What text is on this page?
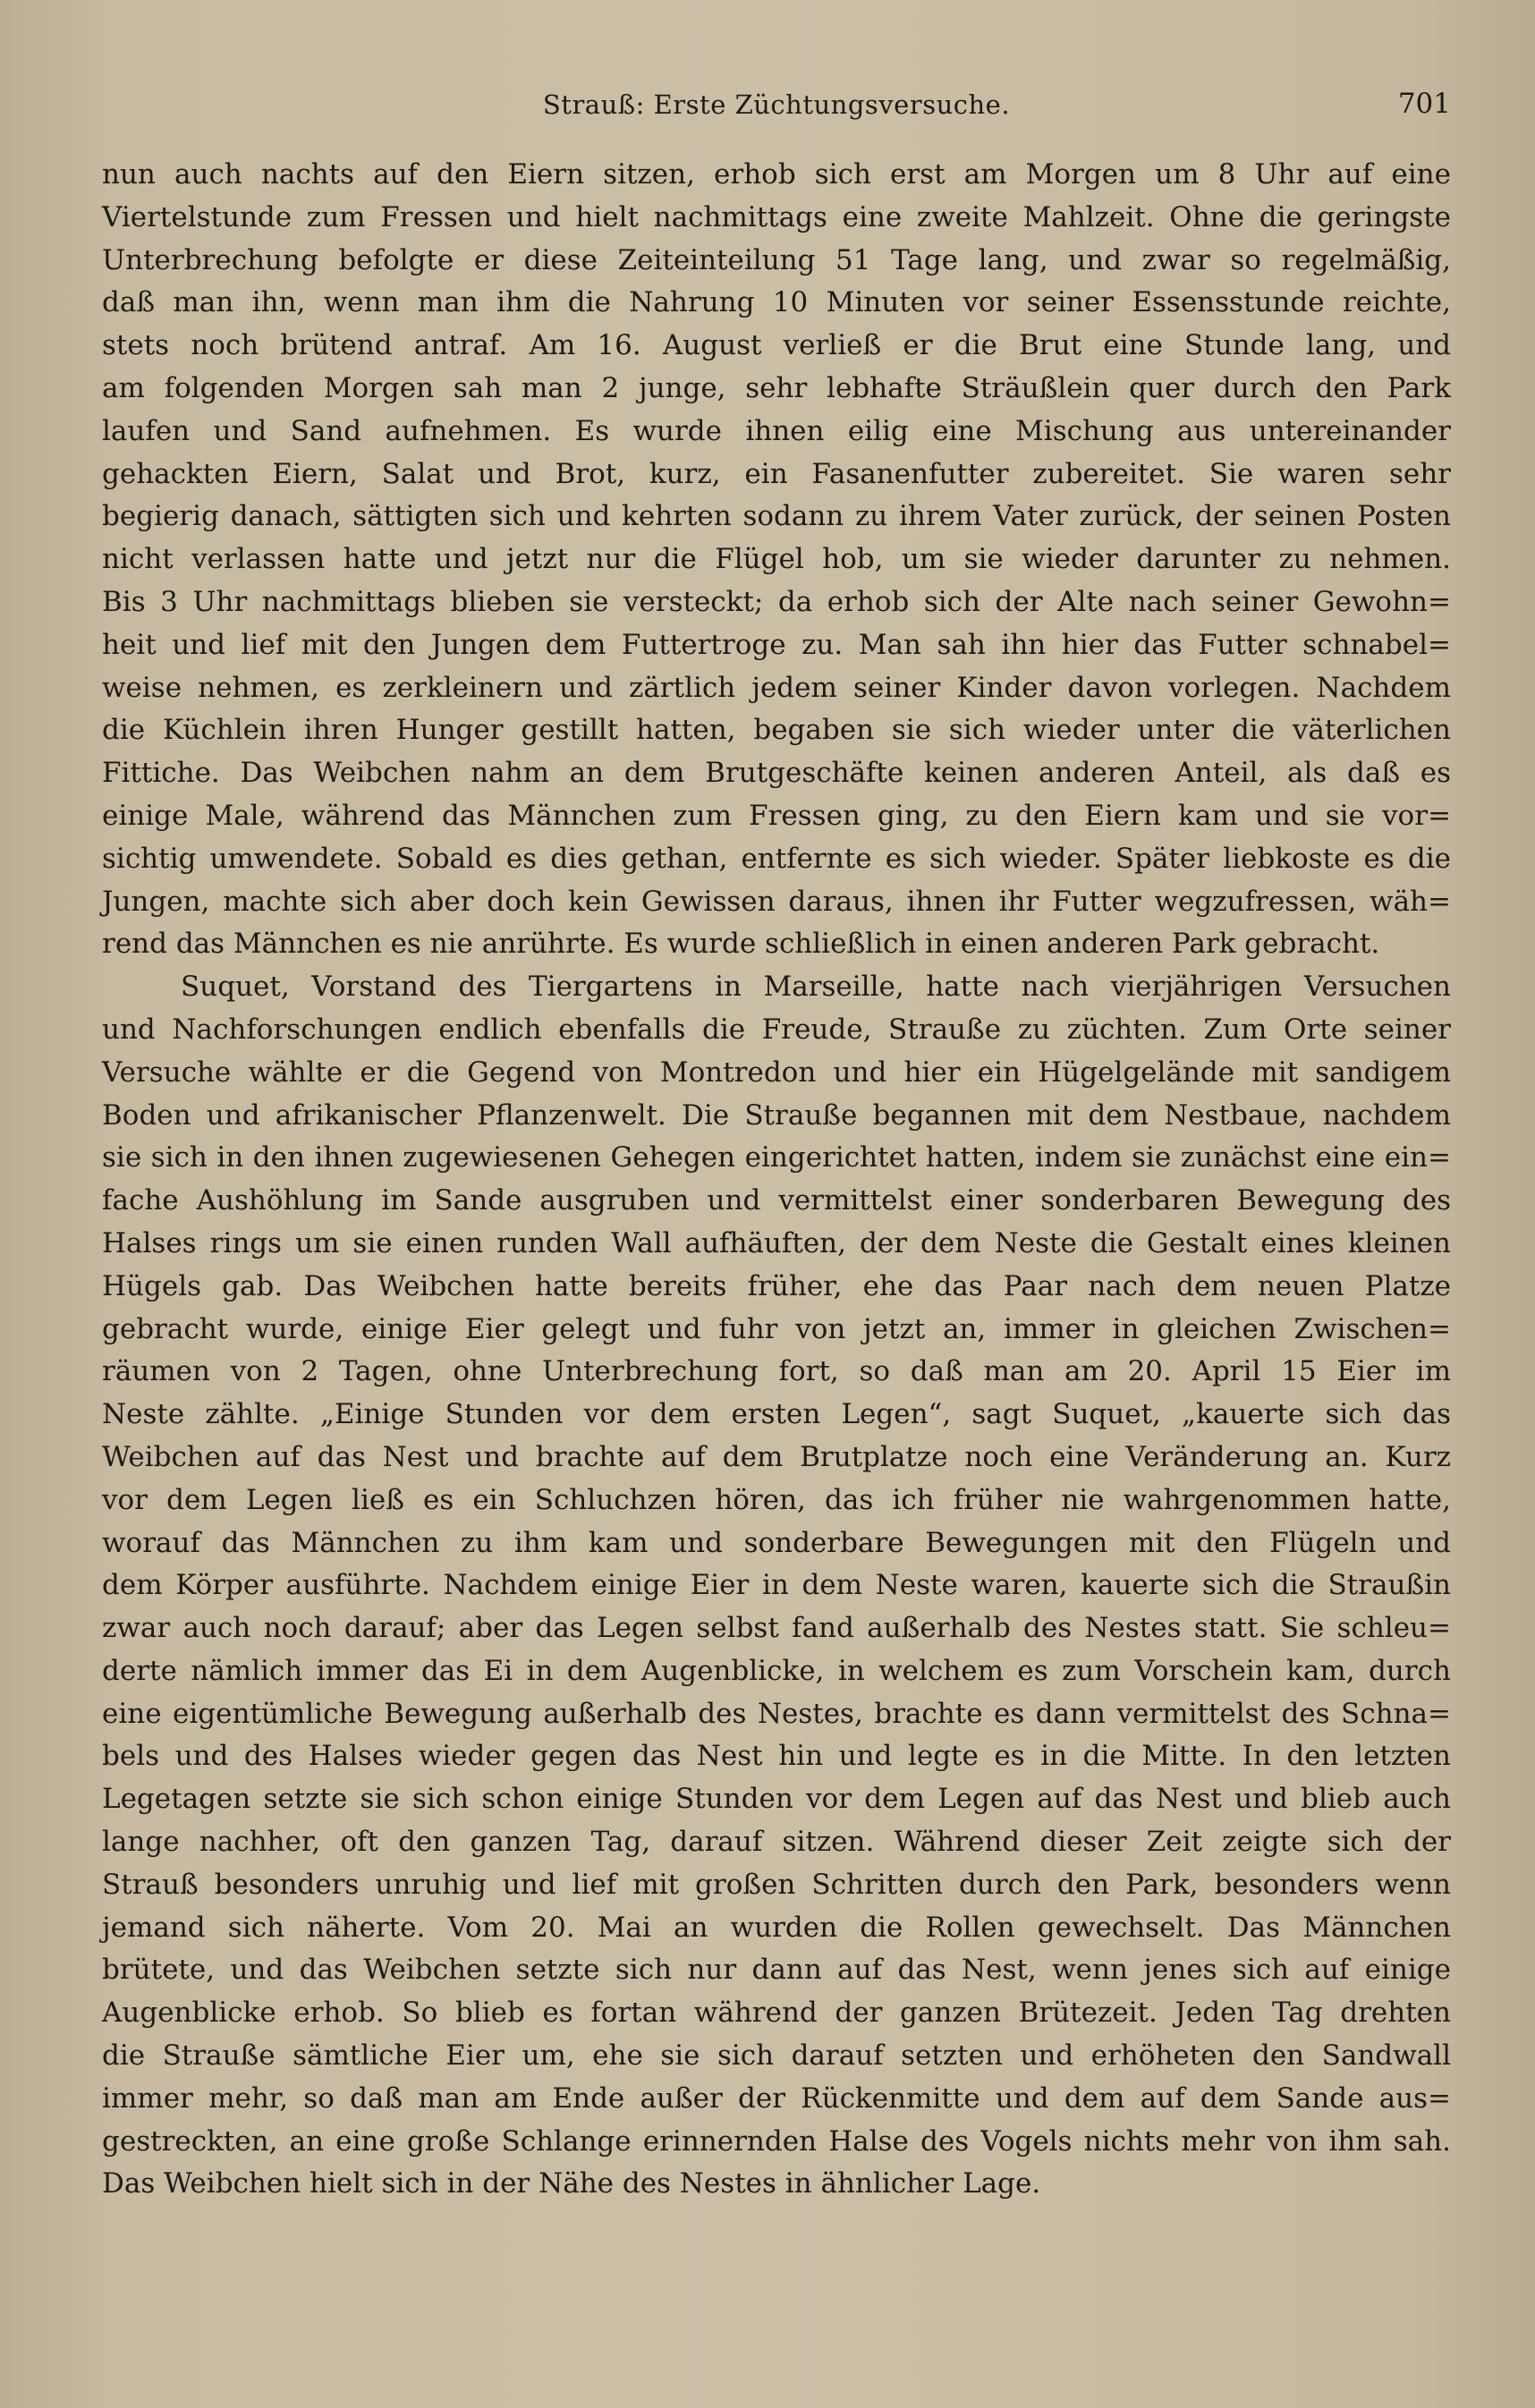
Strauß: Erste Züchtungsversuche.	701
nun auch nachts auf den Eiern sitzen, erhob sich erst am Morgen um 8 Uhr auf eine
Viertelstunde zum Fressen und hielt nachmittags eine zweite Mahlzeit. Ohne die geringste
Unterbrechung befolgte er diese Zeiteinteilung 51 Tage lang, und zwar so regelmäßig,
daß man ihn, wenn man ihm die Nahrung 10 Minuten vor seiner Essensstunde reichte,
stets noch brütend antraf. Am 16. August verließ er die Brut eine Stunde lang, und
am folgenden Morgen sah man 2 junge, sehr lebhafte Sträußlein quer durch den Park
laufen und Sand aufnehmen. Es wurde ihnen eilig eine Mischung aus untereinander
gehackten Eiern, Salat und Brot, kurz, ein Fasanenfutter zubereitet. Sie waren sehr
begierig danach, sättigten sich und kehrten sodann zu ihrem Vater zurück, der seinen Posten
nicht verlassen hatte und jetzt nur die Flügel hob, um sie wieder darunter zu nehmen.
Bis 3 Uhr nachmittags blieben sie versteckt; da erhob sich der Alte nach seiner Gewohn=
heit und lief mit den Jungen dem Futtertroge zu. Man sah ihn hier das Futter schnabel=
weise nehmen, es zerkleinern und zärtlich jedem seiner Kinder davon vorlegen. Nachdem
die Küchlein ihren Hunger gestillt hatten, begaben sie sich wieder unter die väterlichen
Fittiche. Das Weibchen nahm an dem Brutgeschäfte keinen anderen Anteil, als daß es
einige Male, während das Männchen zum Fressen ging, zu den Eiern kam und sie vor=
sichtig umwendete. Sobald es dies gethan, entfernte es sich wieder. Später liebkoste es die
Jungen, machte sich aber doch kein Gewissen daraus, ihnen ihr Futter wegzufressen, wäh=
rend das Männchen es nie anrührte. Es wurde schließlich in einen anderen Park gebracht.
Suquet, Vorstand des Tiergartens in Marseille, hatte nach vierjährigen Versuchen
und Nachforschungen endlich ebenfalls die Freude, Strauße zu züchten. Zum Orte seiner
Versuche wählte er die Gegend von Montredon und hier ein Hügelgelände mit sandigem
Boden und afrikanischer Pflanzenwelt. Die Strauße begannen mit dem Nestbaue, nachdem
sie sich in den ihnen zugewiesenen Gehegen eingerichtet hatten, indem sie zunächst eine ein=
fache Aushöhlung im Sande ausgruben und vermittelst einer sonderbaren Bewegung des
Halses rings um sie einen runden Wall aufhäuften, der dem Neste die Gestalt eines kleinen
Hügels gab. Das Weibchen hatte bereits früher, ehe das Paar nach dem neuen Platze
gebracht wurde, einige Eier gelegt und fuhr von jetzt an, immer in gleichen Zwischen=
räumen von 2 Tagen, ohne Unterbrechung fort, so daß man am 20. April 15 Eier im
Neste zählte. „Einige Stunden vor dem ersten Legen“, sagt Suquet, „kauerte sich das
Weibchen auf das Nest und brachte auf dem Brutplatze noch eine Veränderung an. Kurz
vor dem Legen ließ es ein Schluchzen hören, das ich früher nie wahrgenommen hatte,
worauf das Männchen zu ihm kam und sonderbare Bewegungen mit den Flügeln und
dem Körper ausführte. Nachdem einige Eier in dem Neste waren, kauerte sich die Straußin
zwar auch noch darauf; aber das Legen selbst fand außerhalb des Nestes statt. Sie schleu=
derte nämlich immer das Ei in dem Augenblicke, in welchem es zum Vorschein kam, durch
eine eigentümliche Bewegung außerhalb des Nestes, brachte es dann vermittelst des Schna=
bels und des Halses wieder gegen das Nest hin und legte es in die Mitte. In den letzten
Legetagen setzte sie sich schon einige Stunden vor dem Legen auf das Nest und blieb auch
lange nachher, oft den ganzen Tag, darauf sitzen. Während dieser Zeit zeigte sich der
Strauß besonders unruhig und lief mit großen Schritten durch den Park, besonders wenn
jemand sich näherte. Vom 20. Mai an wurden die Rollen gewechselt. Das Männchen
brütete, und das Weibchen setzte sich nur dann auf das Nest, wenn jenes sich auf einige
Augenblicke erhob. So blieb es fortan während der ganzen Brütezeit. Jeden Tag drehten
die Strauße sämtliche Eier um, ehe sie sich darauf setzten und erhöheten den Sandwall
immer mehr, so daß man am Ende außer der Rückenmitte und dem auf dem Sande aus=
gestreckten, an eine große Schlange erinnernden Halse des Vogels nichts mehr von ihm sah.
Das Weibchen hielt sich in der Nähe des Nestes in ähnlicher Lage.
